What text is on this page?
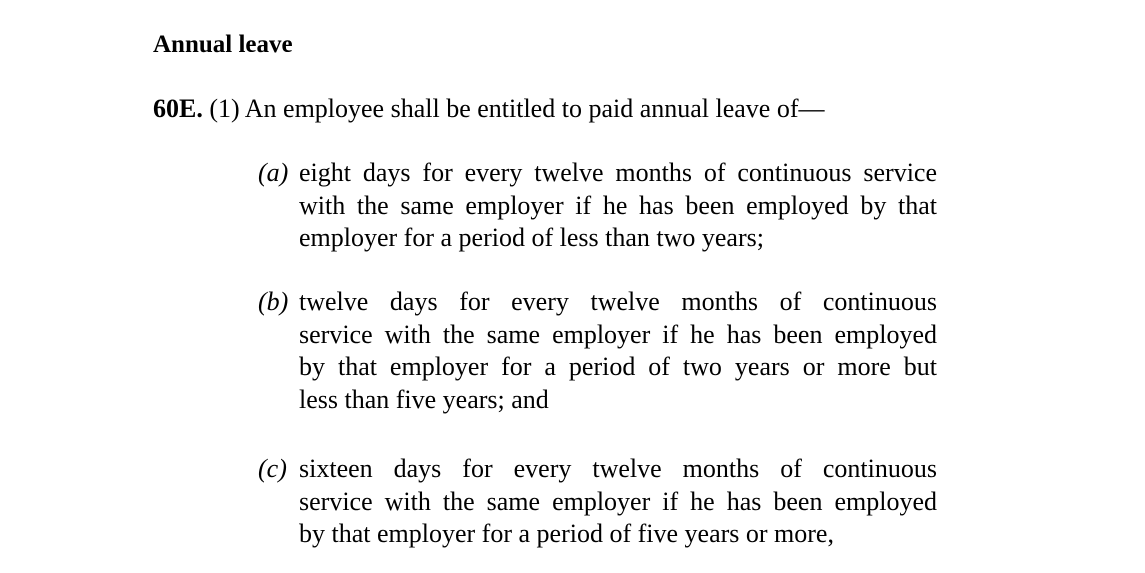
Annual leave
60E. (1) An employee shall be entitled to paid annual leave of—
(a) eight days for every twelve months of continuous service
with the same employer if he has been employed by that
employer for a period of less than two years;
(b) twelve days for every twelve months of continuous
service with the same employer if he has been employed
by that employer for a period of two years or more but
less than five years; and
(c) sixteen days for every twelve months of continuous
service with the same employer if he has been employed
by that employer for a period of five years or more,
